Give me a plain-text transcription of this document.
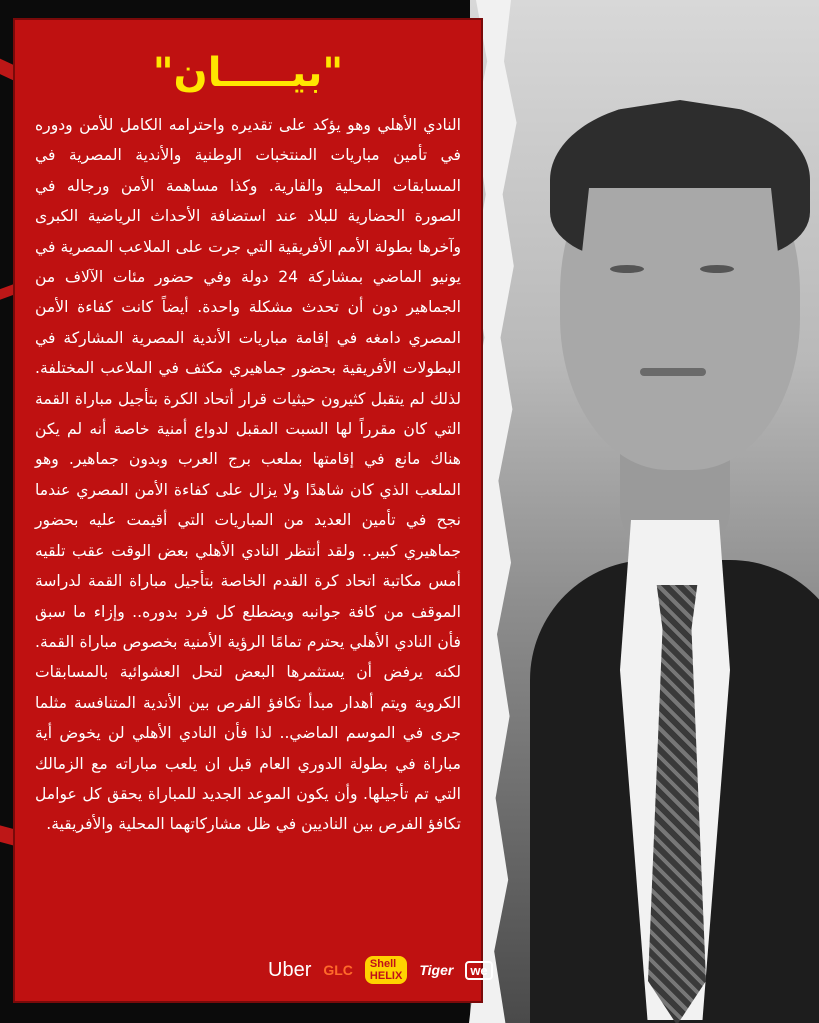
"بيـــــان"
النادي الأهلي وهو يؤكد على تقديره واحترامه الكامل للأمن ودوره في تأمين مباريات المنتخبات الوطنية والأندية المصرية في المسابقات المحلية والقارية. وكذا مساهمة الأمن ورجاله في الصورة الحضارية للبلاد عند استضافة الأحداث الرياضية الكبرى وآخرها بطولة الأمم الأفريقية التي جرت على الملاعب المصرية في يونيو الماضي بمشاركة 24 دولة وفي حضور مئات الآلاف من الجماهير دون أن تحدث مشكلة واحدة. أيضاً كانت كفاءة الأمن المصري دامغه في إقامة مباريات الأندية المصرية المشاركة في البطولات الأفريقية بحضور جماهيري مكثف في الملاعب المختلفة. لذلك لم يتقبل كثيرون حيثيات قرار أتحاد الكرة بتأجيل مباراة القمة التي كان مقرراً لها السبت المقبل لدواع أمنية خاصة أنه لم يكن هناك مانع في إقامتها بملعب برج العرب وبدون جماهير. وهو الملعب الذي كان شاهدًا ولا يزال على كفاءة الأمن المصري عندما نجح في تأمين العديد من المباريات التي أقيمت عليه بحضور جماهيري كبير.. ولقد أنتظر النادي الأهلي بعض الوقت عقب تلقيه أمس مكاتبة اتحاد كرة القدم الخاصة بتأجيل مباراة القمة لدراسة الموقف من كافة جوانبه ويضطلع كل فرد بدوره.. وإزاء ما سبق فأن النادي الأهلي يحترم تمامًا الرؤية الأمنية بخصوص مباراة القمة. لكنه يرفض أن يستثمرها البعض لتحل العشوائية بالمسابقات الكروية ويتم أهدار مبدأ تكافؤ الفرص بين الأندية المتنافسة مثلما جرى في الموسم الماضي.. لذا فأن النادي الأهلي لن يخوض أية مباراة في بطولة الدوري العام قبل ان يلعب مباراته مع الزمالك التي تم تأجيلها. وأن يكون الموعد الجديد للمباراة يحقق كل عوامل تكافؤ الفرص بين الناديين في ظل مشاركاتهما المحلية والأفريقية.
Uber GLC	Shell HELIX	Tiger	we
